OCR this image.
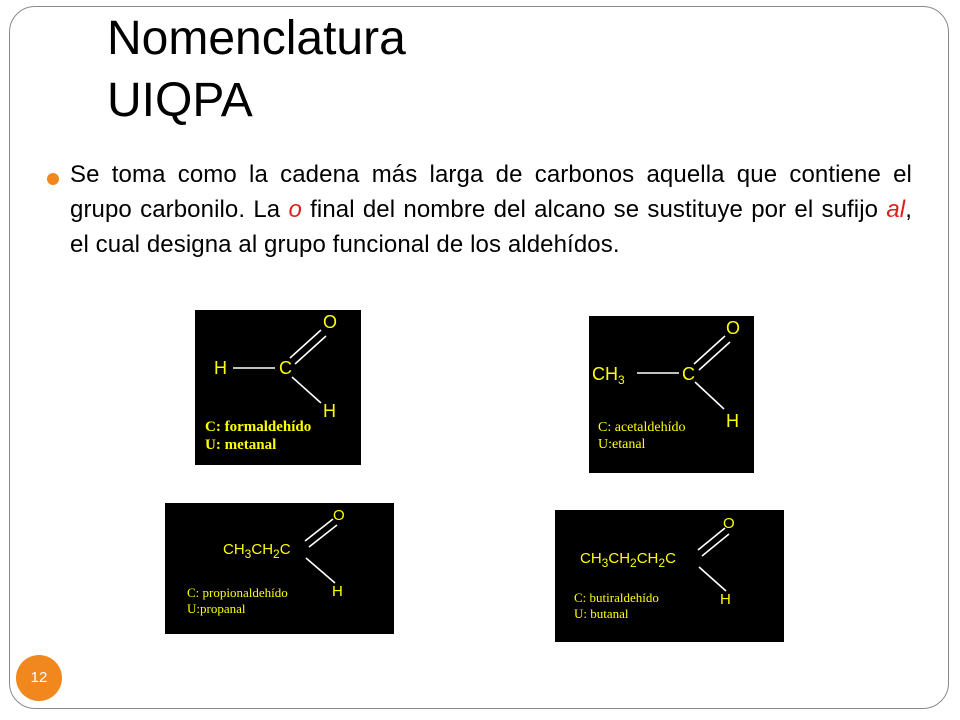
Nomenclatura
UIQPA
Se toma como la cadena más larga de carbonos aquella que contiene el grupo carbonilo. La o final del nombre del alcano se sustituye por el sufijo al, el cual designa al grupo funcional de los aldehídos.
O
H	C
H
C: formaldehído
U: metanal
O
$CH_3$	C
H
C: acetaldehído
U:etanal
O
$CH_3CH_2C$
H
C: propionaldehído
U:propanal
O
$CH_3CH_2CH_2C$
H
C: butiraldehído
U: butanal
12
